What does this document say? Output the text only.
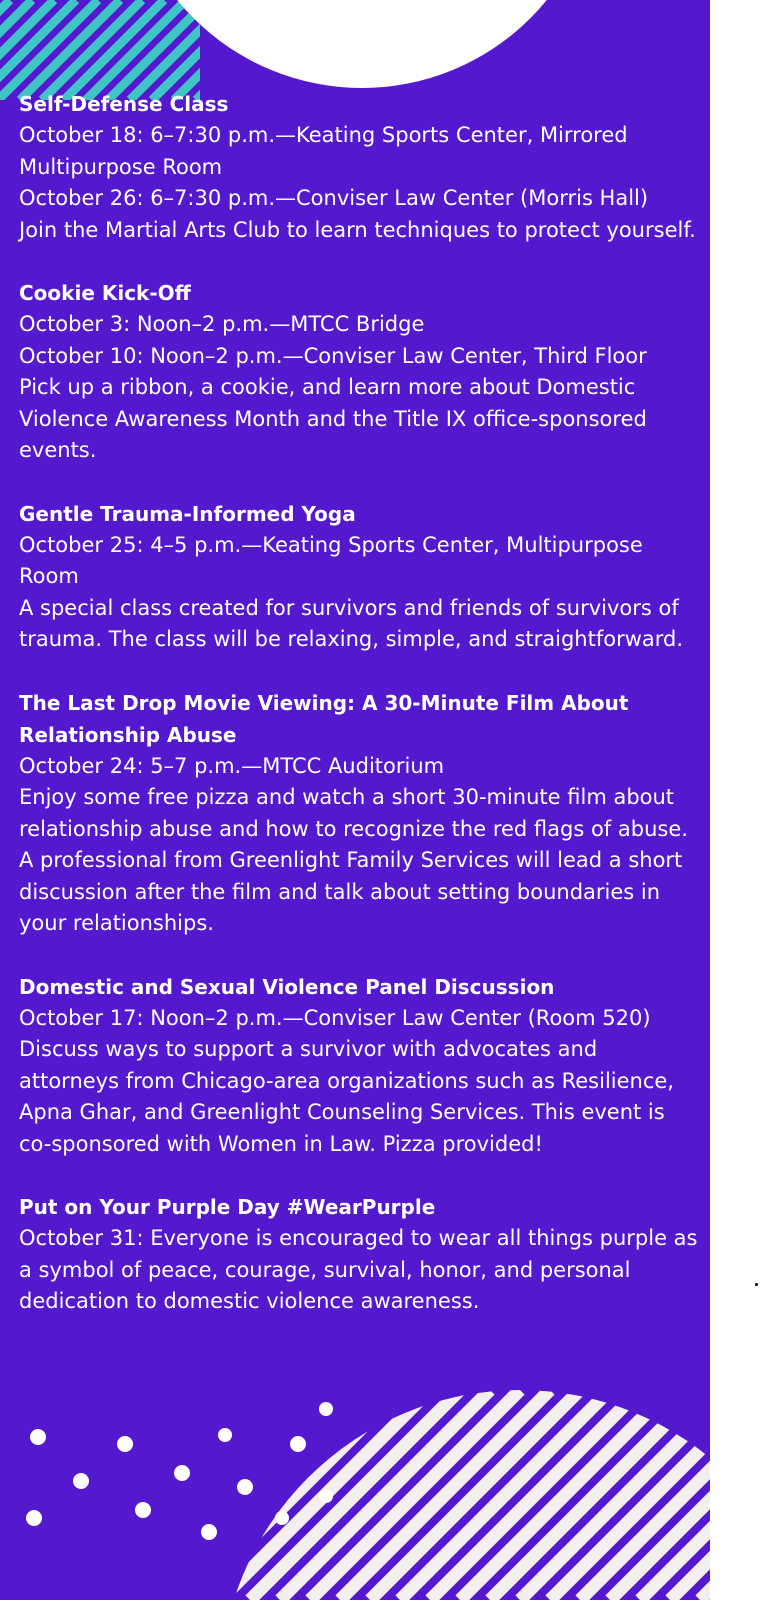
Self-Defense Class

October 18: 6–7:30 p.m.—Keating Sports Center, Mirrored Multipurpose Room

October 26: 6–7:30 p.m.—Conviser Law Center (Morris Hall)

Join the Martial Arts Club to learn techniques to protect yourself.

Cookie Kick-Off

October 3: Noon–2 p.m.—MTCC Bridge

October 10: Noon–2 p.m.—Conviser Law Center, Third Floor

Pick up a ribbon, a cookie, and learn more about Domestic Violence Awareness Month and the Title IX office-sponsored events.

Gentle Trauma-Informed Yoga

October 25: 4–5 p.m.—Keating Sports Center, Multipurpose Room

A special class created for survivors and friends of survivors of trauma. The class will be relaxing, simple, and straightforward.

The Last Drop Movie Viewing: A 30-Minute Film About Relationship Abuse

October 24: 5–7 p.m.—MTCC Auditorium

Enjoy some free pizza and watch a short 30-minute film about relationship abuse and how to recognize the red flags of abuse. A professional from Greenlight Family Services will lead a short discussion after the film and talk about setting boundaries in your relationships.

Domestic and Sexual Violence Panel Discussion

October 17: Noon–2 p.m.—Conviser Law Center (Room 520)

Discuss ways to support a survivor with advocates and attorneys from Chicago-area organizations such as Resilience, Apna Ghar, and Greenlight Counseling Services. This event is co-sponsored with Women in Law. Pizza provided!

Put on Your Purple Day #WearPurple

October 31: Everyone is encouraged to wear all things purple as a symbol of peace, courage, survival, honor, and personal dedication to domestic violence awareness.
